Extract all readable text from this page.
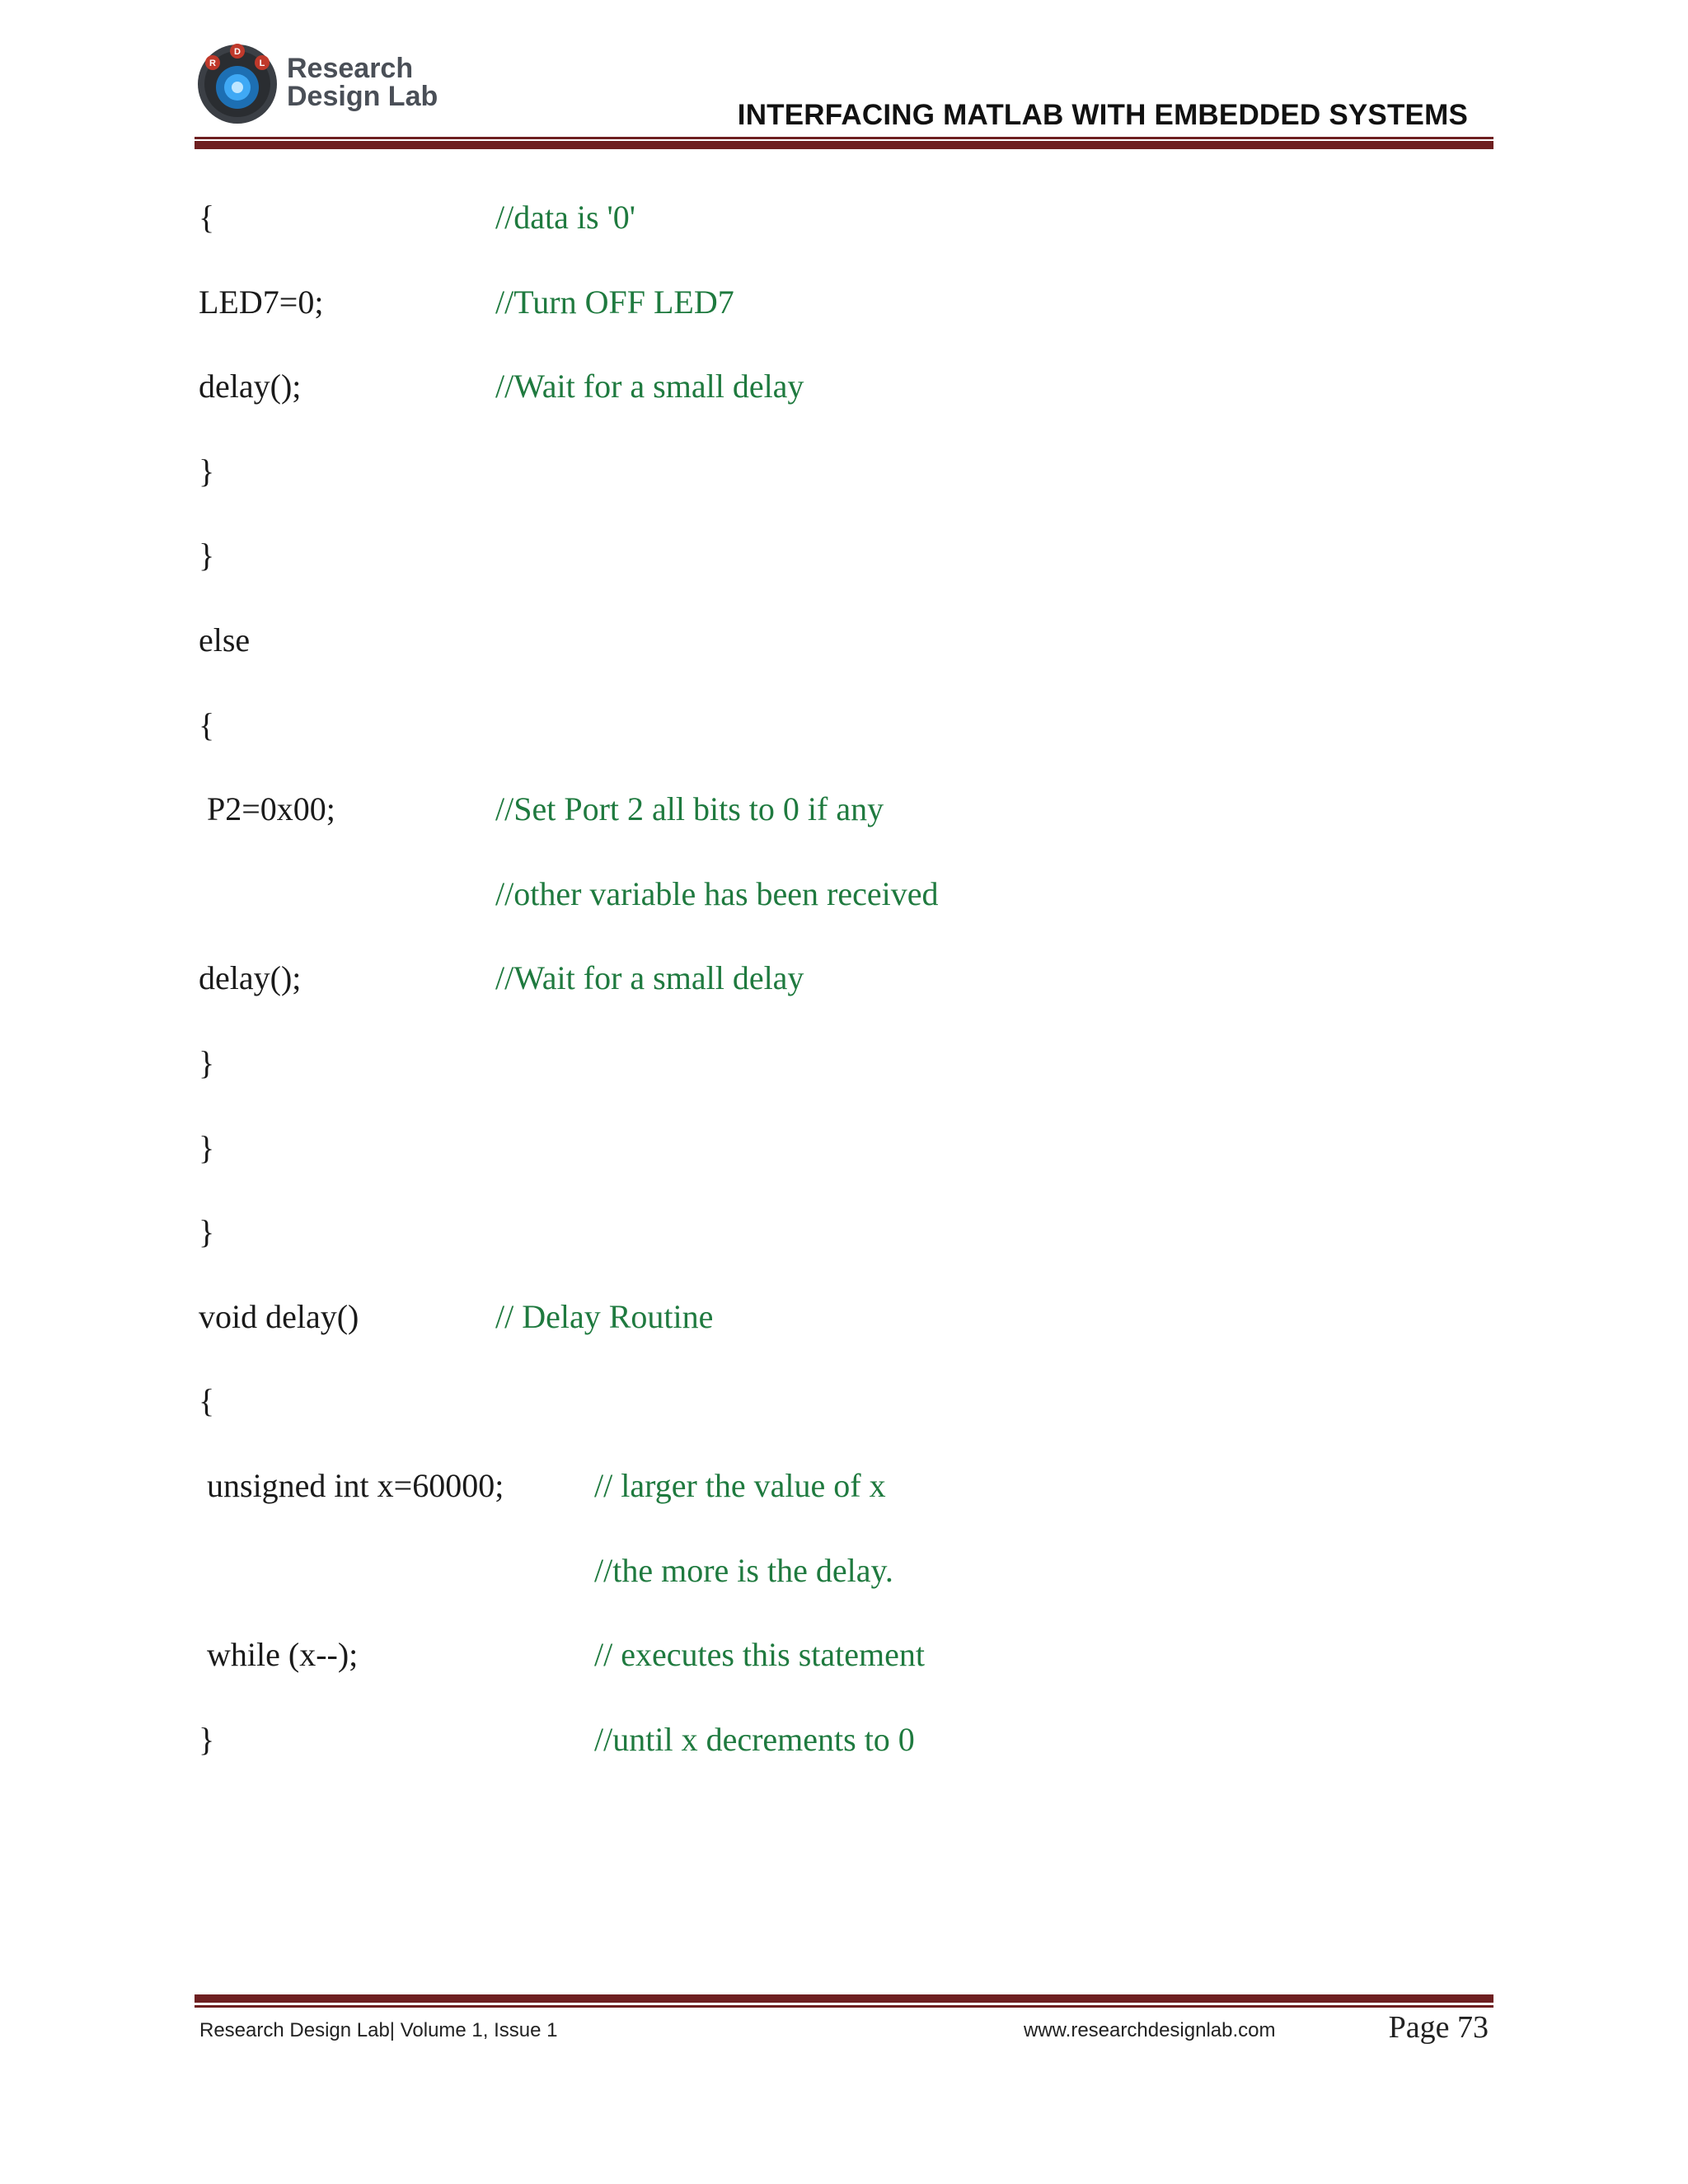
R
D
L Research
Design Lab
INTERFACING MATLAB WITH EMBEDDED SYSTEMS
{	//data is '0'
LED7=0;	//Turn OFF LED7
delay();	//Wait for a small delay
}
}
else
{
P2=0x00;	//Set Port 2 all bits to 0 if any
//other variable has been received
delay();	//Wait for a small delay
}
}
}
void delay()	// Delay Routine
{
unsigned int x=60000;	// larger the value of x
//the more is the delay.
while (x--);	// executes this statement
}	//until x decrements to 0
Research Design Lab| Volume 1, Issue 1	www.researchdesignlab.com	Page 73
